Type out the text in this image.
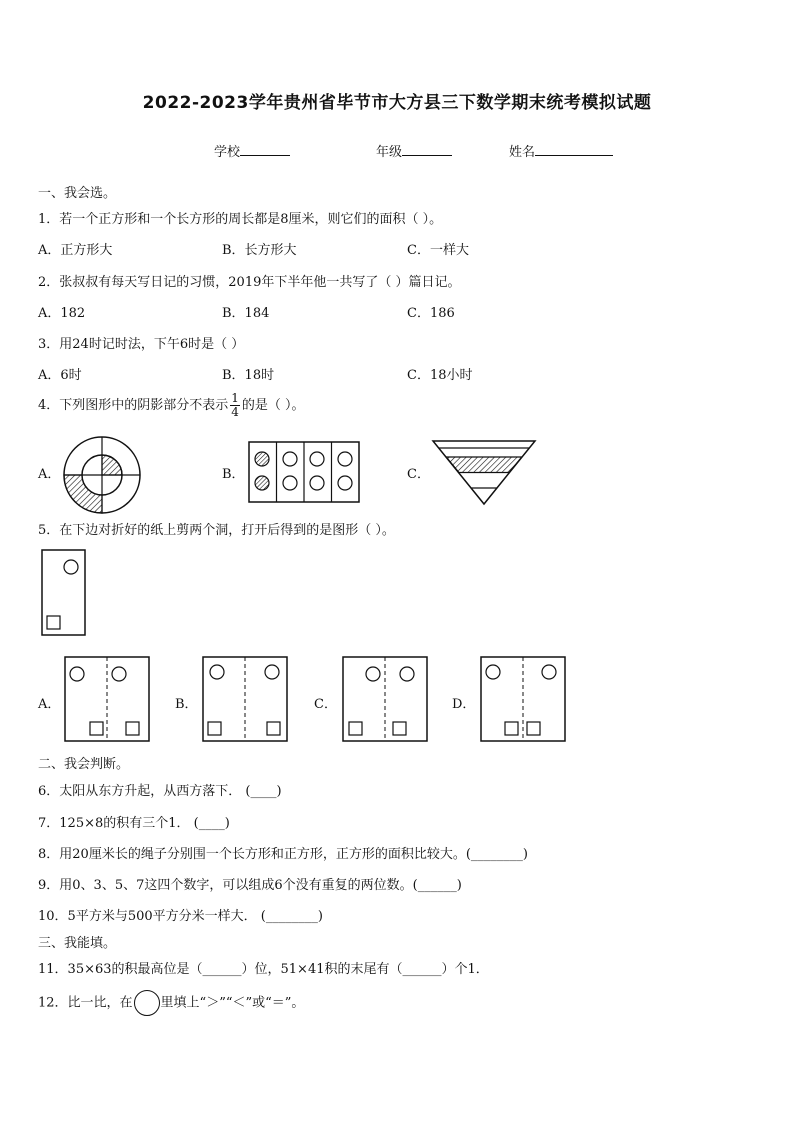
2022-2023学年贵州省毕节市大方县三下数学期末统考模拟试题
学校	年级	姓名
一、我会选。
1．若一个正方形和一个长方形的周长都是8厘米，则它们的面积（ ）。
A．正方形大	B．长方形大	C．一样大
2．张叔叔有每天写日记的习惯，2019年下半年他一共写了（ ）篇日记。
A．182	B．184	C．186
3．用24时记时法，下午6时是（ ）
A．6时	B．18时	C．18小时
4．下列图形中的阴影部分不表示 $\frac{1}{4}$ 的是（ ）。
A．	B．	C．
5．在下边对折好的纸上剪两个洞，打开后得到的是图形（ ）。
A．	B．	C．	D．
二、我会判断。
6．太阳从东方升起，从西方落下． (____)
7．125×8的积有三个1． (____)
8．用20厘米长的绳子分别围一个长方形和正方形，正方形的面积比较大。(________)
9．用0、3、5、7这四个数字，可以组成6个没有重复的两位数。(______)
10．5平方米与500平方分米一样大． (________)
三、我能填。
11．35×63的积最高位是（______）位，51×41积的末尾有（______）个1．
12．比一比，在 里填上“＞”“＜”或“＝”。
